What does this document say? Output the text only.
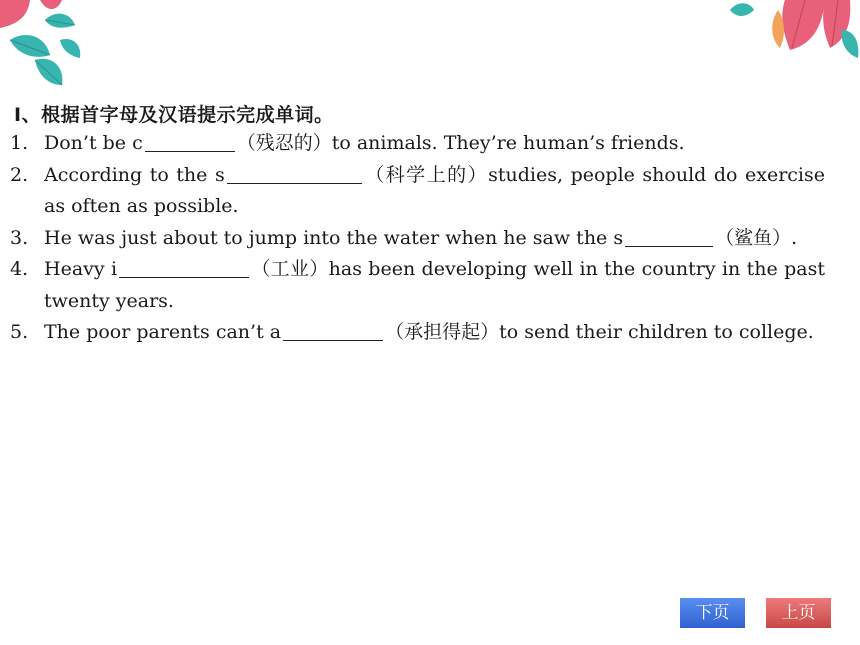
Ⅰ、根据首字母及汉语提示完成单词。
1. Don’t be c	（残忍的）to animals. They’re human’s friends.
2. According to the s	（科学上的）studies, people should do exercise as often as possible.
3. He was just about to jump into the water when he saw the s	（鲨鱼）.
4. Heavy i	（工业）has been developing well in the country in the past twenty years.
5. The poor parents can’t a	（承担得起）to send their children to college.
下页	上页
